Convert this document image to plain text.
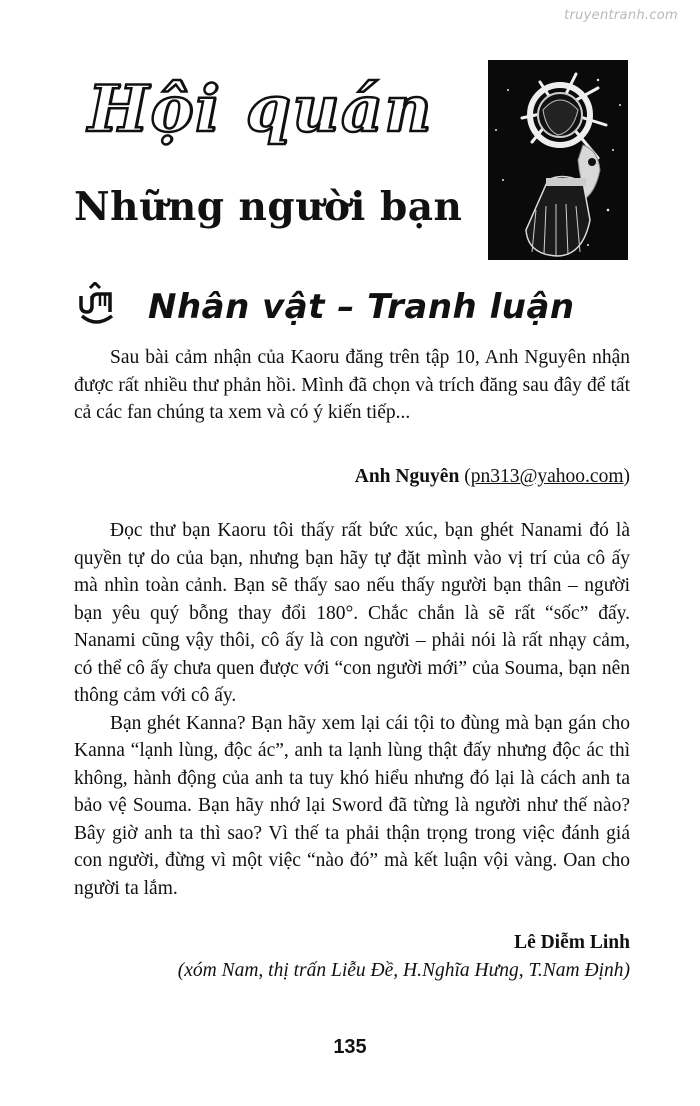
truyentranh.com
Hội quán
Những người bạn
Nhân vật – Tranh luận

Sau bài cảm nhận của Kaoru đăng trên tập 10, Anh Nguyên nhận được rất nhiều thư phản hồi. Mình đã chọn và trích đăng sau đây để tất cả các fan chúng ta xem và có ý kiến tiếp...

Anh Nguyên (pn313@yahoo.com)

Đọc thư bạn Kaoru tôi thấy rất bức xúc, bạn ghét Nanami đó là quyền tự do của bạn, nhưng bạn hãy tự đặt mình vào vị trí của cô ấy mà nhìn toàn cảnh. Bạn sẽ thấy sao nếu thấy người bạn thân – người bạn yêu quý bỗng thay đổi 180°. Chắc chắn là sẽ rất “sốc” đấy. Nanami cũng vậy thôi, cô ấy là con người – phải nói là rất nhạy cảm, có thể cô ấy chưa quen được với “con người mới” của Souma, bạn nên thông cảm với cô ấy.

Bạn ghét Kanna? Bạn hãy xem lại cái tội to đùng mà bạn gán cho Kanna “lạnh lùng, độc ác”, anh ta lạnh lùng thật đấy nhưng độc ác thì không, hành động của anh ta tuy khó hiểu nhưng đó lại là cách anh ta bảo vệ Souma. Bạn hãy nhớ lại Sword đã từng là người như thế nào? Bây giờ anh ta thì sao? Vì thế ta phải thận trọng trong việc đánh giá con người, đừng vì một việc “nào đó” mà kết luận vội vàng. Oan cho người ta lắm.

Lê Diễm Linh
(xóm Nam, thị trấn Liễu Đề, H.Nghĩa Hưng, T.Nam Định)
135
